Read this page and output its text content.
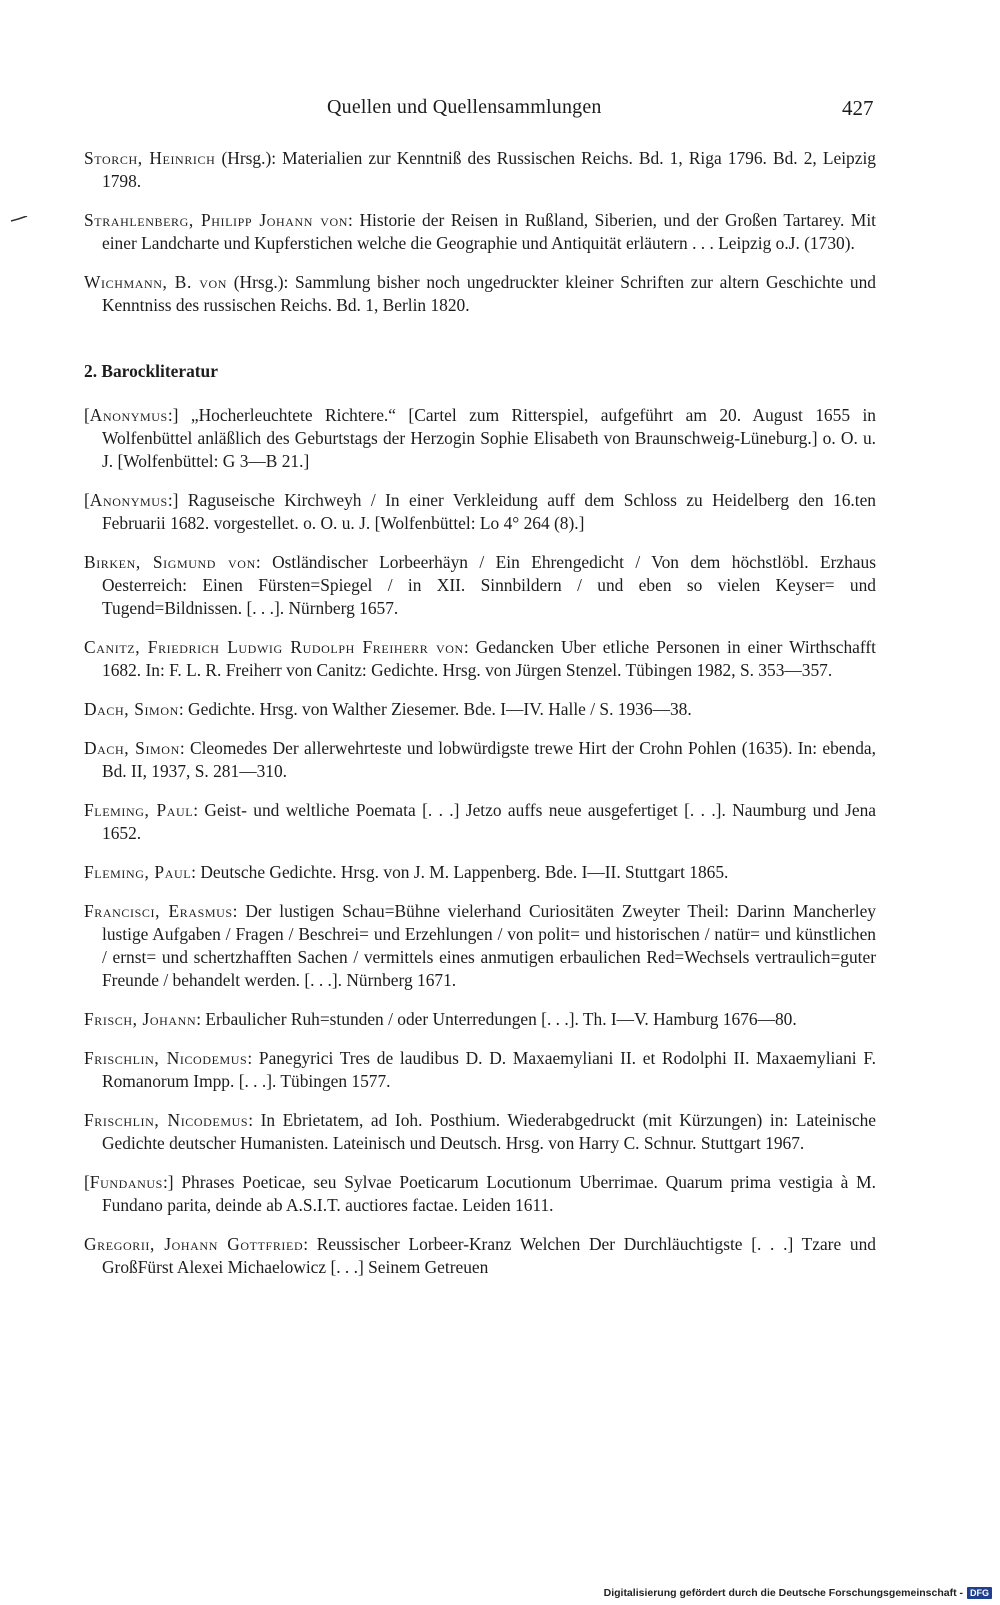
Quellen und Quellensammlungen	427

Storch, Heinrich (Hrsg.): Materialien zur Kenntniß des Russischen Reichs. Bd. 1, Riga 1796. Bd. 2, Leipzig 1798.

Strahlenberg, Philipp Johann von: Historie der Reisen in Rußland, Siberien, und der Großen Tartarey. Mit einer Landcharte und Kupferstichen welche die Geographie und Antiquität erläutern . . . Leipzig o.J. (1730).

Wichmann, B. von (Hrsg.): Sammlung bisher noch ungedruckter kleiner Schriften zur altern Geschichte und Kenntniss des russischen Reichs. Bd. 1, Berlin 1820.

2. Barockliteratur

[Anonymus:] „Hocherleuchtete Richtere.“ [Cartel zum Ritterspiel, aufgeführt am 20. August 1655 in Wolfenbüttel anläßlich des Geburtstags der Herzogin Sophie Elisabeth von Braunschweig-Lüneburg.] o. O. u. J. [Wolfenbüttel: G 3—B 21.]

[Anonymus:] Raguseische Kirchweyh / In einer Verkleidung auff dem Schloss zu Heidelberg den 16.ten Februarii 1682. vorgestellet. o. O. u. J. [Wolfenbüttel: Lo 4° 264 (8).]

Birken, Sigmund von: Ostländischer Lorbeerhäyn / Ein Ehrengedicht / Von dem höchstlöbl. Erzhaus Oesterreich: Einen Fürsten=Spiegel / in XII. Sinnbildern / und eben so vielen Keyser= und Tugend=Bildnissen. [. . .]. Nürnberg 1657.

Canitz, Friedrich Ludwig Rudolph Freiherr von: Gedancken Uber etliche Personen in einer Wirthschafft 1682. In: F. L. R. Freiherr von Canitz: Gedichte. Hrsg. von Jürgen Stenzel. Tübingen 1982, S. 353—357.

Dach, Simon: Gedichte. Hrsg. von Walther Ziesemer. Bde. I—IV. Halle / S. 1936—38.

Dach, Simon: Cleomedes Der allerwehrteste und lobwürdigste trewe Hirt der Crohn Pohlen (1635). In: ebenda, Bd. II, 1937, S. 281—310.

Fleming, Paul: Geist- und weltliche Poemata [. . .] Jetzo auffs neue ausgefertiget [. . .]. Naumburg und Jena 1652.

Fleming, Paul: Deutsche Gedichte. Hrsg. von J. M. Lappenberg. Bde. I—II. Stuttgart 1865.

Francisci, Erasmus: Der lustigen Schau=Bühne vielerhand Curiositäten Zweyter Theil: Darinn Mancherley lustige Aufgaben / Fragen / Beschrei= und Erzehlungen / von polit= und historischen / natür= und künstlichen / ernst= und schertzhafften Sachen / vermittels eines anmutigen erbaulichen Red=Wechsels vertraulich=guter Freunde / behandelt werden. [. . .]. Nürnberg 1671.

Frisch, Johann: Erbaulicher Ruh=stunden / oder Unterredungen [. . .]. Th. I—V. Hamburg 1676—80.

Frischlin, Nicodemus: Panegyrici Tres de laudibus D. D. Maxaemyliani II. et Rodolphi II. Maxaemyliani F. Romanorum Impp. [. . .]. Tübingen 1577.

Frischlin, Nicodemus: In Ebrietatem, ad Ioh. Posthium. Wiederabgedruckt (mit Kürzungen) in: Lateinische Gedichte deutscher Humanisten. Lateinisch und Deutsch. Hrsg. von Harry C. Schnur. Stuttgart 1967.

[Fundanus:] Phrases Poeticae, seu Sylvae Poeticarum Locutionum Uberrimae. Quarum prima vestigia à M. Fundano parita, deinde ab A.S.I.T. auctiores factae. Leiden 1611.

Gregorii, Johann Gottfried: Reussischer Lorbeer-Kranz Welchen Der Durchläuchtigste [. . .] Tzare und GroßFürst Alexei Michaelowicz [. . .] Seinem Getreuen

Digitalisierung gefördert durch die Deutsche Forschungsgemeinschaft - DFG
